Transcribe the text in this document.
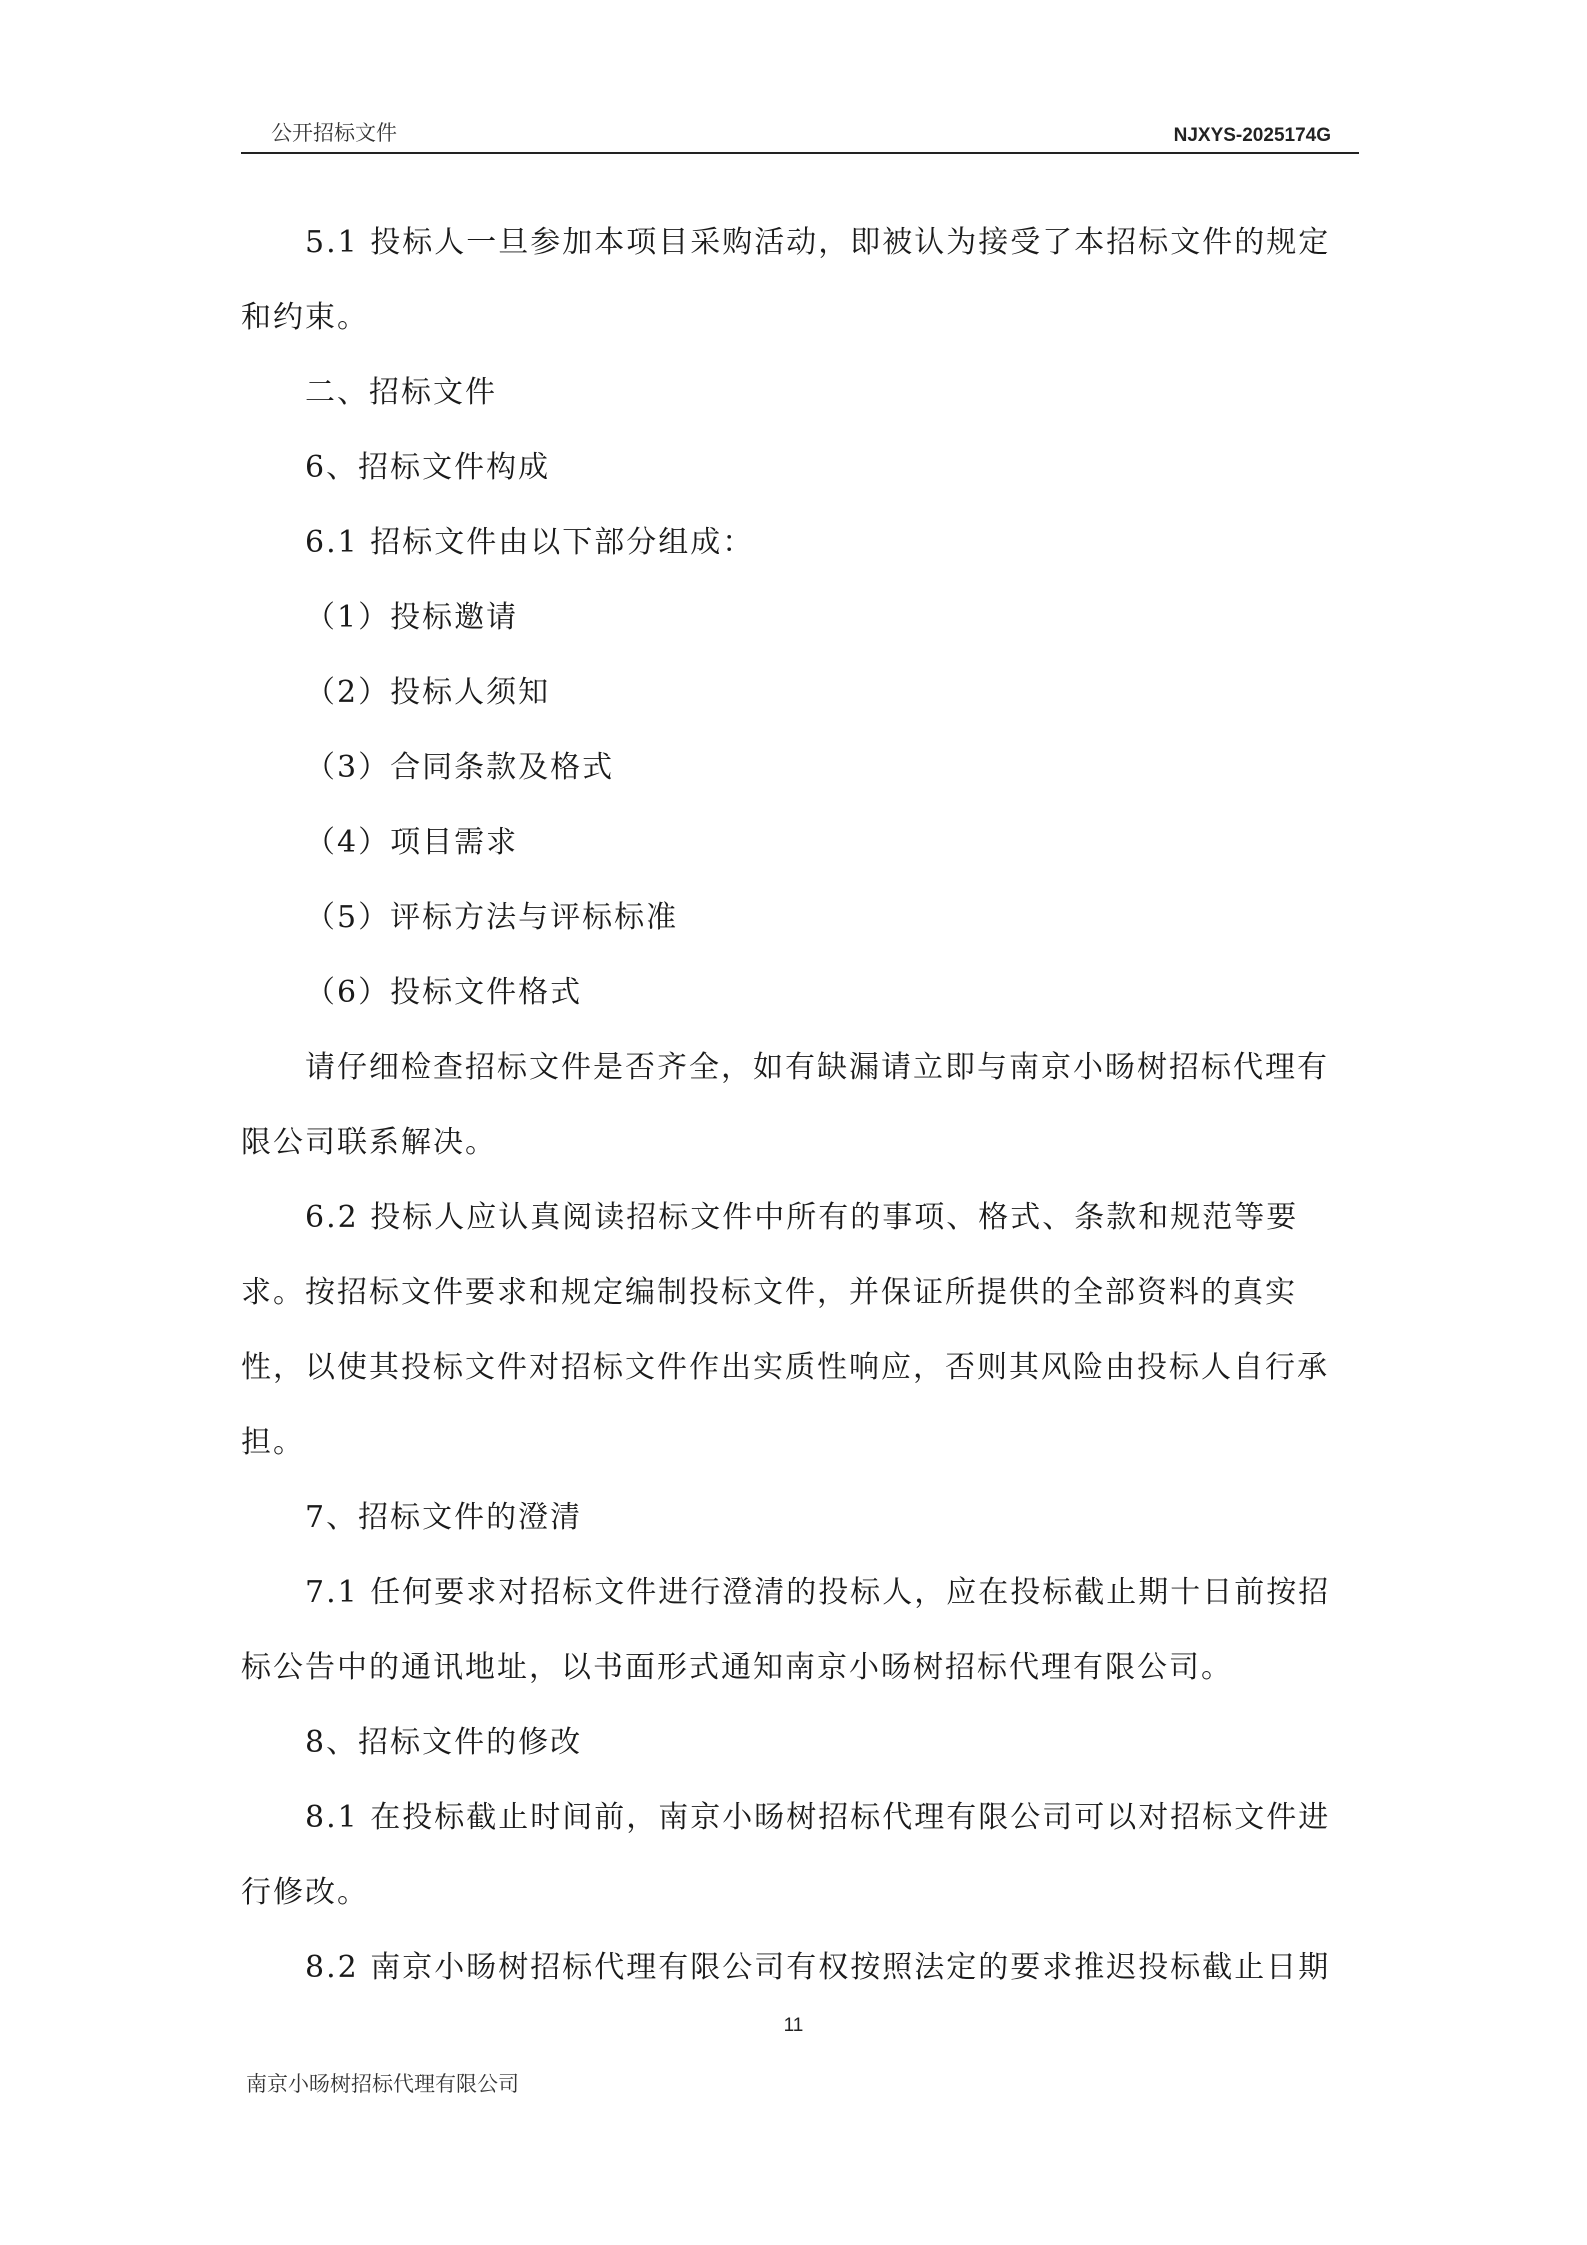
公开招标文件	NJXYS-2025174G

5.1 投标人一旦参加本项目采购活动，即被认为接受了本招标文件的规定

和约束。

二、招标文件

6、招标文件构成

6.1 招标文件由以下部分组成：

（1）投标邀请

（2）投标人须知

（3）合同条款及格式

（4）项目需求

（5）评标方法与评标标准

（6）投标文件格式

请仔细检查招标文件是否齐全，如有缺漏请立即与南京小旸树招标代理有

限公司联系解决。

6.2 投标人应认真阅读招标文件中所有的事项、格式、条款和规范等要

求。按招标文件要求和规定编制投标文件，并保证所提供的全部资料的真实

性，以使其投标文件对招标文件作出实质性响应，否则其风险由投标人自行承

担。

7、招标文件的澄清

7.1 任何要求对招标文件进行澄清的投标人，应在投标截止期十日前按招

标公告中的通讯地址，以书面形式通知南京小旸树招标代理有限公司。

8、招标文件的修改

8.1 在投标截止时间前，南京小旸树招标代理有限公司可以对招标文件进

行修改。

8.2 南京小旸树招标代理有限公司有权按照法定的要求推迟投标截止日期

11
南京小旸树招标代理有限公司
